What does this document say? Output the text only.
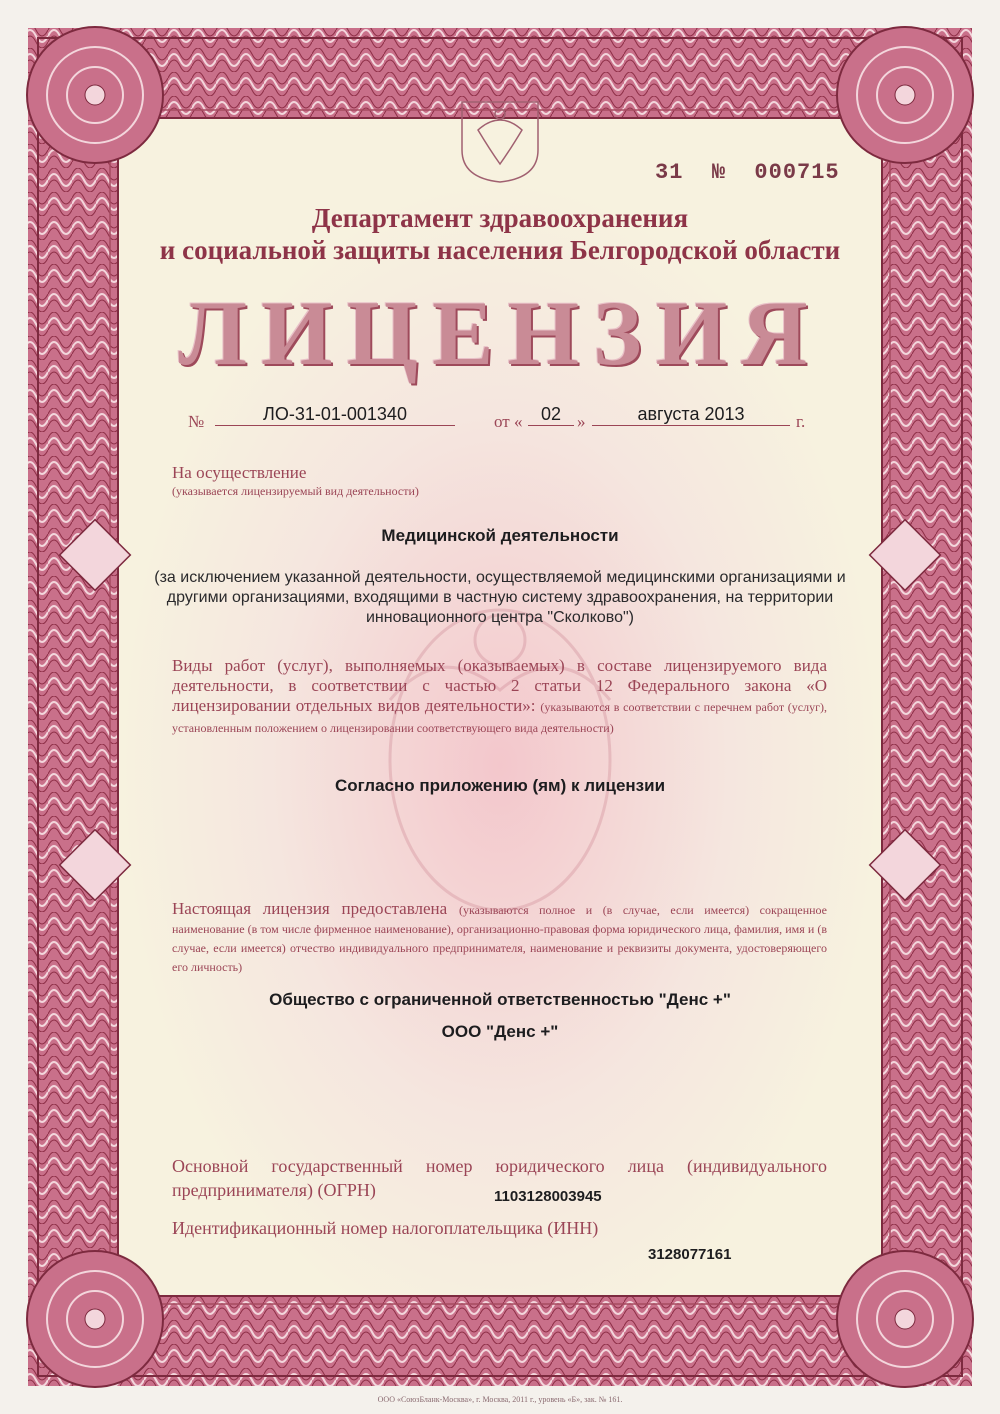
31 № 000715
Департамент здравоохранения
и социальной защиты населения Белгородской области
ЛИЦЕНЗИЯ
№	ЛО-31-01-001340	от «	02 »	августа 2013	г.
На осуществление
(указывается лицензируемый вид деятельности)
Медицинской деятельности
(за исключением указанной деятельности, осуществляемой медицинскими организациями и другими организациями, входящими в частную систему здравоохранения, на территории инновационного центра "Сколково")
Виды работ (услуг), выполняемых (оказываемых) в составе лицензируемого вида деятельности, в соответствии с частью 2 статьи 12 Федерального закона «О лицензировании отдельных видов деятельности»: (указываются в соответствии с перечнем работ (услуг), установленным положением о лицензировании соответствующего вида деятельности)
Согласно приложению (ям) к лицензии
Настоящая лицензия предоставлена (указываются полное и (в случае, если имеется) сокращенное наименование (в том числе фирменное наименование), организационно-правовая форма юридического лица, фамилия, имя и (в случае, если имеется) отчество индивидуального предпринимателя, наименование и реквизиты документа, удостоверяющего его личность)
Общество с ограниченной ответственностью "Денс +"
ООО "Денс +"
Основной государственный номер юридического лица (индивидуального предпринимателя) (ОГРН)	1103128003945
Идентификационный номер налогоплательщика (ИНН)
3128077161
ООО «СоюзБланк-Москва», г. Москва, 2011 г., уровень «Б», зак. № 161.
